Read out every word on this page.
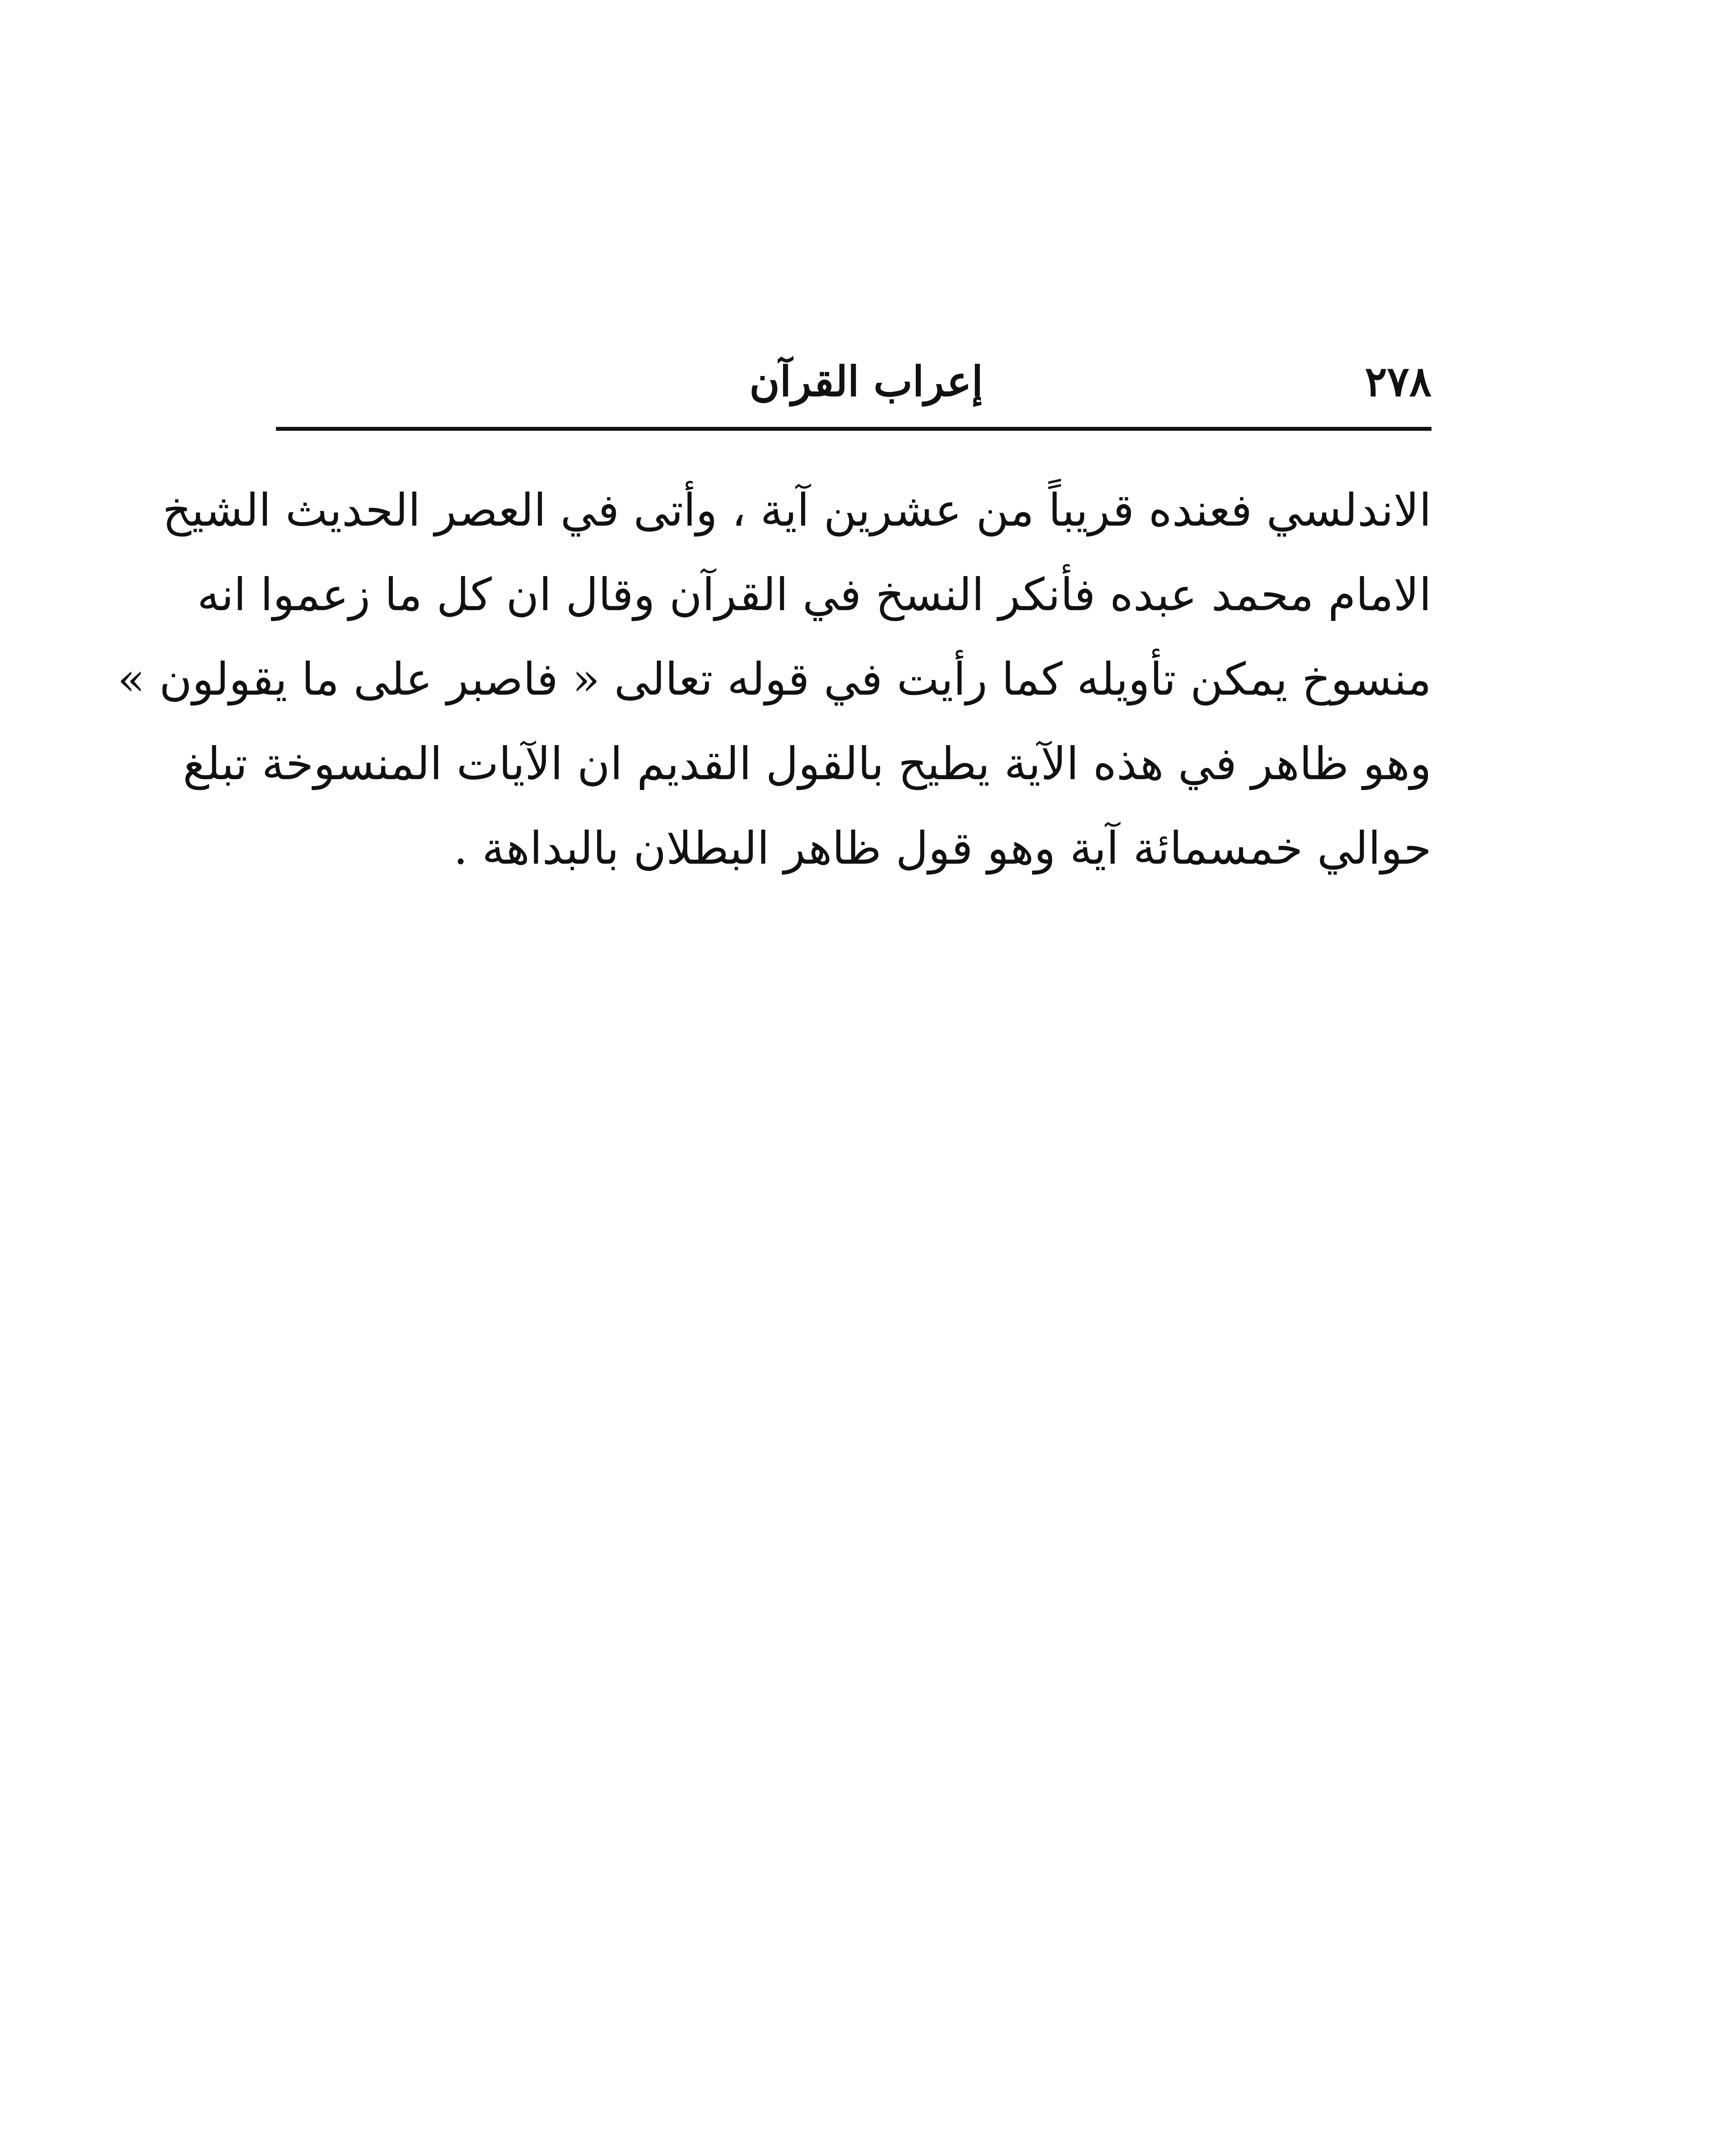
٢٧٨
إعراب القرآن
الاندلسي فعنده قريباً من عشرين آية ، وأتى في العصر الحديث الشيخ
الامام محمد عبده فأنكر النسخ في القرآن وقال ان كل ما زعموا انه
منسوخ يمكن تأويله كما رأيت في قوله تعالى « فاصبر على ما يقولون »
وهو ظاهر في هذه الآية يطيح بالقول القديم ان الآيات المنسوخة تبلغ
حوالي خمسمائة آية وهو قول ظاهر البطلان بالبداهة .
